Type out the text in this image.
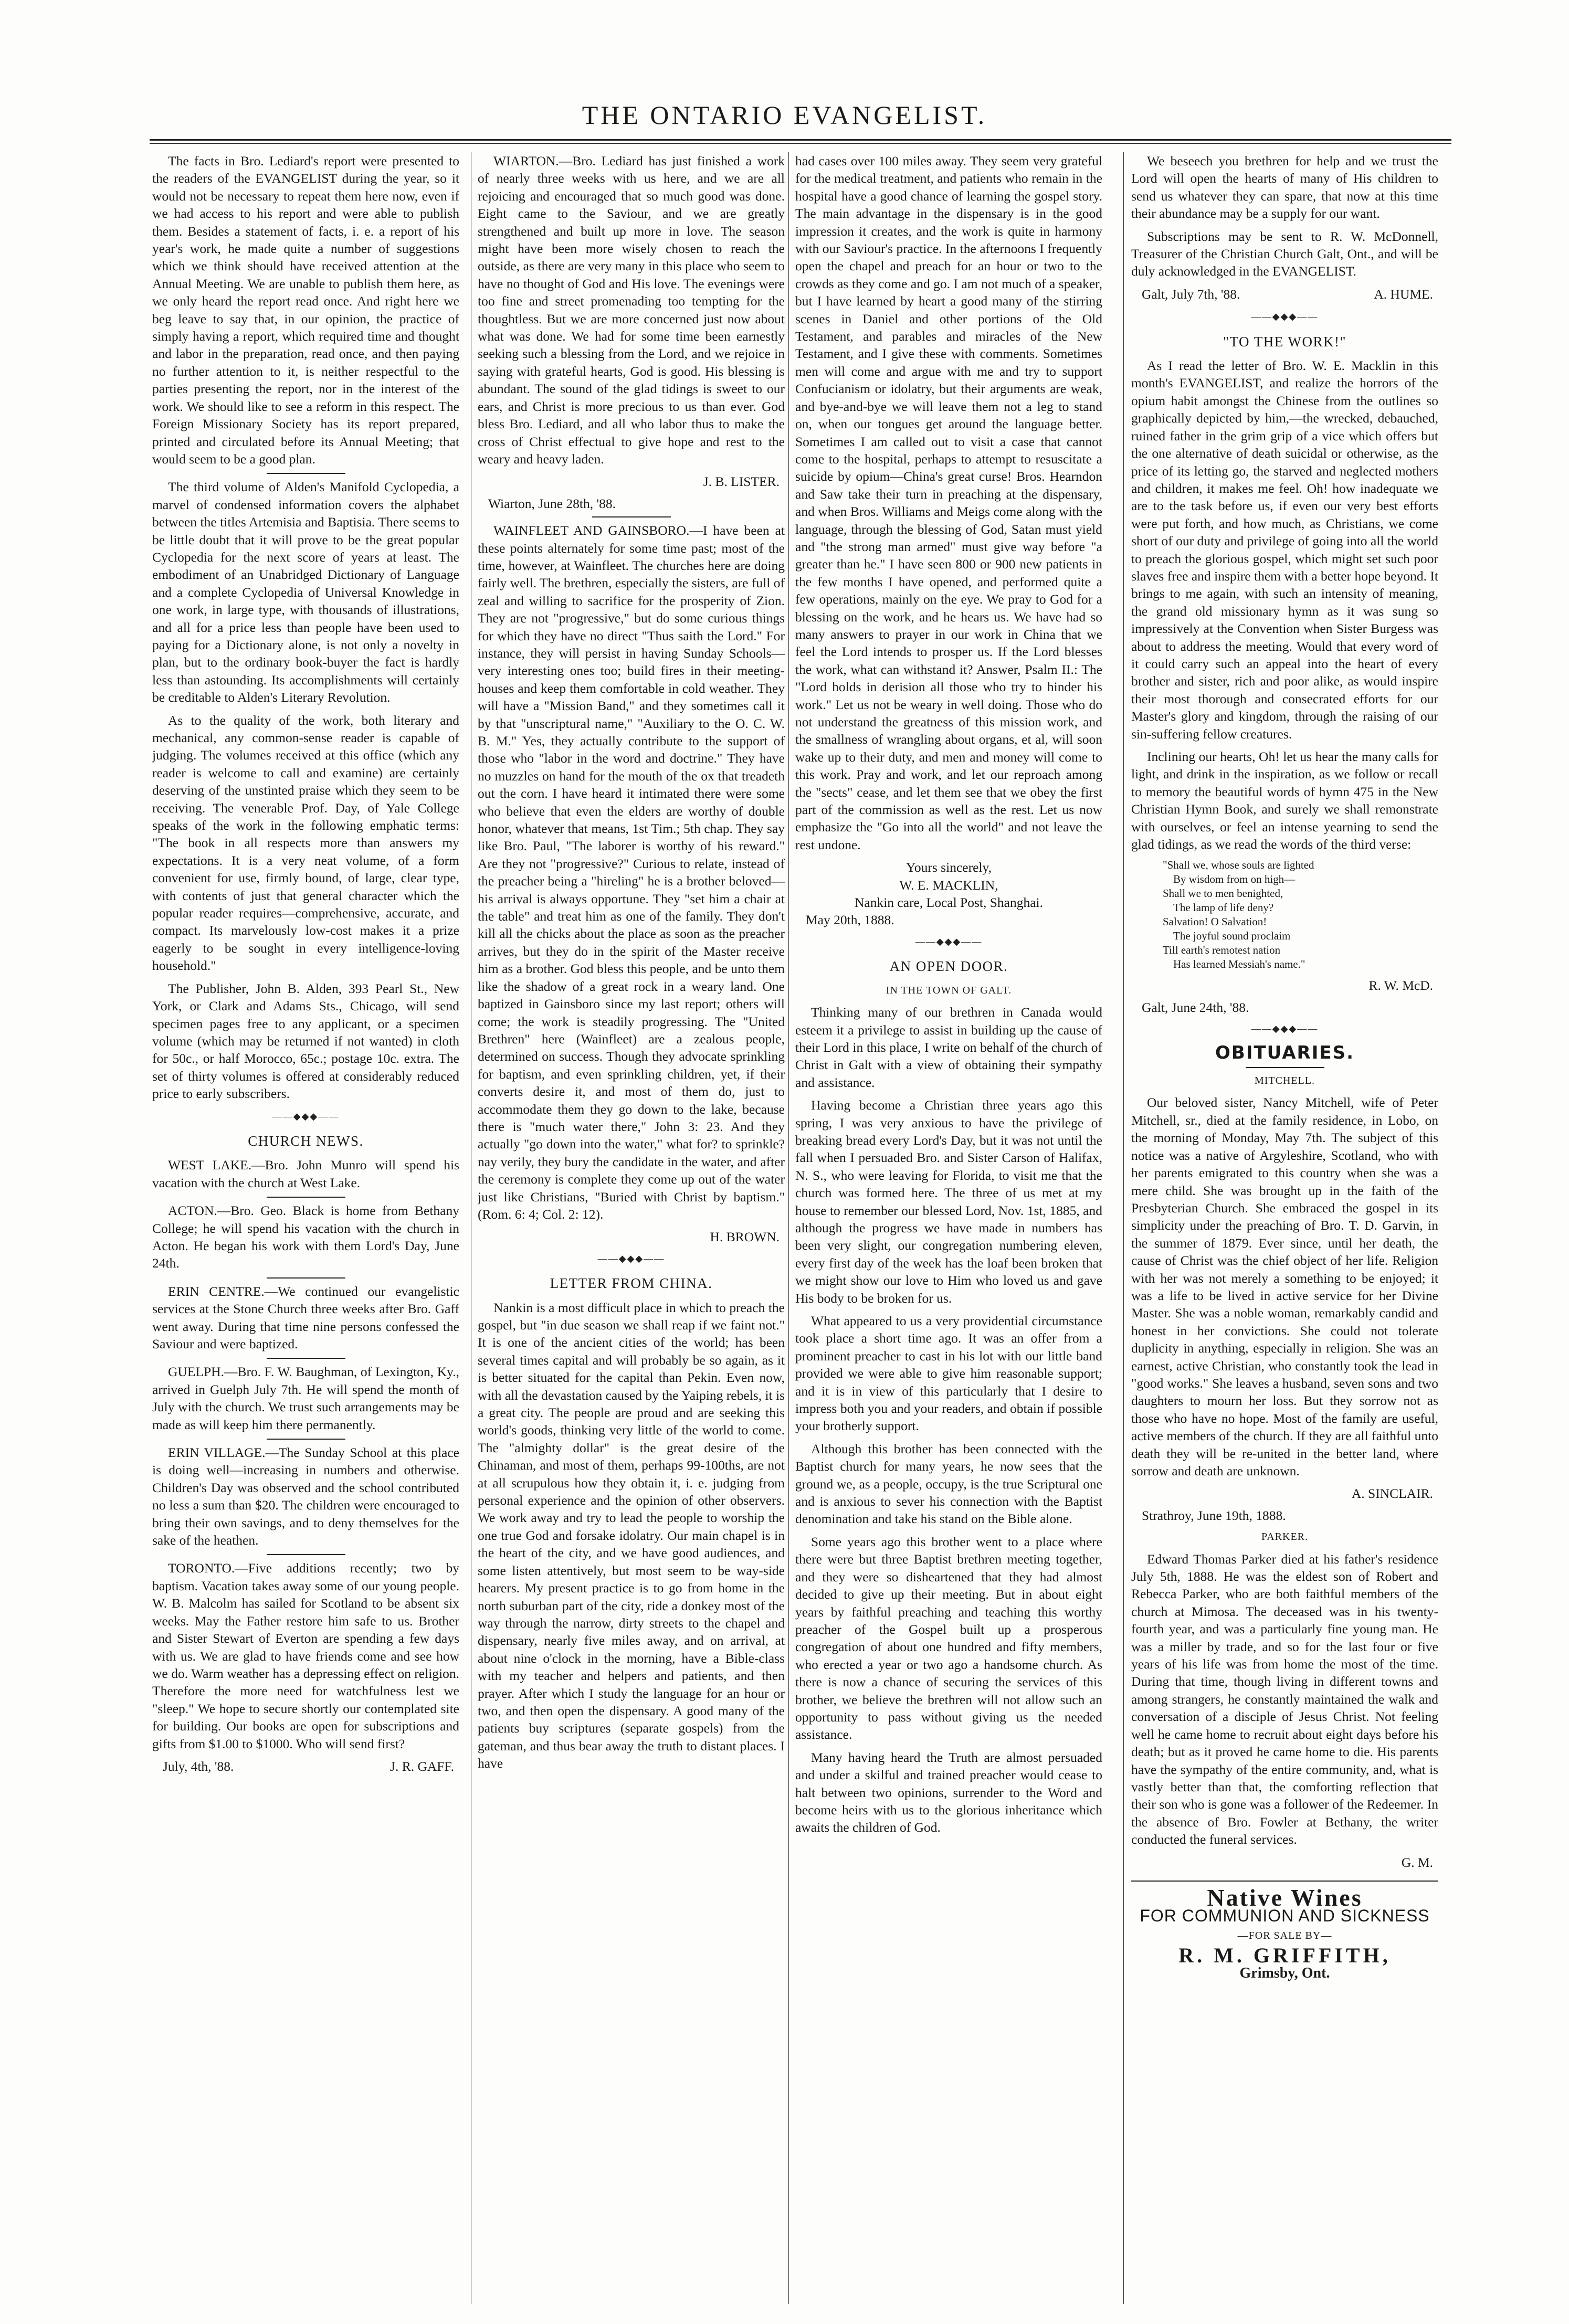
THE ONTARIO EVANGELIST.

The facts in Bro. Lediard's report were presented to the readers of the EVANGELIST during the year, so it would not be necessary to repeat them here now, even if we had access to his report and were able to publish them. Besides a statement of facts, i. e. a report of his year's work, he made quite a number of suggestions which we think should have received attention at the Annual Meeting. We are unable to publish them here, as we only heard the report read once. And right here we beg leave to say that, in our opinion, the practice of simply having a report, which required time and thought and labor in the preparation, read once, and then paying no further attention to it, is neither respectful to the parties presenting the report, nor in the interest of the work. We should like to see a reform in this respect. The Foreign Missionary Society has its report prepared, printed and circulated before its Annual Meeting; that would seem to be a good plan.

The third volume of Alden's Manifold Cyclopedia, a marvel of condensed information covers the alphabet between the titles Artemisia and Baptisia. There seems to be little doubt that it will prove to be the great popular Cyclopedia for the next score of years at least. The embodiment of an Unabridged Dictionary of Language and a complete Cyclopedia of Universal Knowledge in one work, in large type, with thousands of illustrations, and all for a price less than people have been used to paying for a Dictionary alone, is not only a novelty in plan, but to the ordinary book-buyer the fact is hardly less than astounding. Its accomplishments will certainly be creditable to Alden's Literary Revolution.

As to the quality of the work, both literary and mechanical, any common-sense reader is capable of judging. The volumes received at this office (which any reader is welcome to call and examine) are certainly deserving of the unstinted praise which they seem to be receiving. The venerable Prof. Day, of Yale College speaks of the work in the following emphatic terms: "The book in all respects more than answers my expectations. It is a very neat volume, of a form convenient for use, firmly bound, of large, clear type, with contents of just that general character which the popular reader requires—comprehensive, accurate, and compact. Its marvelously low-cost makes it a prize eagerly to be sought in every intelligence-loving household."

The Publisher, John B. Alden, 393 Pearl St., New York, or Clark and Adams Sts., Chicago, will send specimen pages free to any applicant, or a specimen volume (which may be returned if not wanted) in cloth for 50c., or half Morocco, 65c.; postage 10c. extra. The set of thirty volumes is offered at considerably reduced price to early subscribers.

——◆◆◆——
CHURCH NEWS.

WEST LAKE.—Bro. John Munro will spend his vacation with the church at West Lake.

ACTON.—Bro. Geo. Black is home from Bethany College; he will spend his vacation with the church in Acton. He began his work with them Lord's Day, June 24th.

ERIN CENTRE.—We continued our evangelistic services at the Stone Church three weeks after Bro. Gaff went away. During that time nine persons confessed the Saviour and were baptized.

GUELPH.—Bro. F. W. Baughman, of Lexington, Ky., arrived in Guelph July 7th. He will spend the month of July with the church. We trust such arrangements may be made as will keep him there permanently.

ERIN VILLAGE.—The Sunday School at this place is doing well—increasing in numbers and otherwise. Children's Day was observed and the school contributed no less a sum than $20. The children were encouraged to bring their own savings, and to deny themselves for the sake of the heathen.

TORONTO.—Five additions recently; two by baptism. Vacation takes away some of our young people. W. B. Malcolm has sailed for Scotland to be absent six weeks. May the Father restore him safe to us. Brother and Sister Stewart of Everton are spending a few days with us. We are glad to have friends come and see how we do. Warm weather has a depressing effect on religion. Therefore the more need for watchfulness lest we "sleep." We hope to secure shortly our contemplated site for building. Our books are open for subscriptions and gifts from $1.00 to $1000. Who will send first?

July, 4th, '88.	J. R. GAFF.

WIARTON.—Bro. Lediard has just finished a work of nearly three weeks with us here, and we are all rejoicing and encouraged that so much good was done. Eight came to the Saviour, and we are greatly strengthened and built up more in love. The season might have been more wisely chosen to reach the outside, as there are very many in this place who seem to have no thought of God and His love. The evenings were too fine and street promenading too tempting for the thoughtless. But we are more concerned just now about what was done. We had for some time been earnestly seeking such a blessing from the Lord, and we rejoice in saying with grateful hearts, God is good. His blessing is abundant. The sound of the glad tidings is sweet to our ears, and Christ is more precious to us than ever. God bless Bro. Lediard, and all who labor thus to make the cross of Christ effectual to give hope and rest to the weary and heavy laden.

J. B. LISTER.
Wiarton, June 28th, '88.

WAINFLEET AND GAINSBORO.—I have been at these points alternately for some time past; most of the time, however, at Wainfleet. The churches here are doing fairly well. The brethren, especially the sisters, are full of zeal and willing to sacrifice for the prosperity of Zion. They are not "progressive," but do some curious things for which they have no direct "Thus saith the Lord." For instance, they will persist in having Sunday Schools—very interesting ones too; build fires in their meeting-houses and keep them comfortable in cold weather. They will have a "Mission Band," and they sometimes call it by that "unscriptural name," "Auxiliary to the O. C. W. B. M." Yes, they actually contribute to the support of those who "labor in the word and doctrine." They have no muzzles on hand for the mouth of the ox that treadeth out the corn. I have heard it intimated there were some who believe that even the elders are worthy of double honor, whatever that means, 1st Tim.; 5th chap. They say like Bro. Paul, "The laborer is worthy of his reward." Are they not "progressive?" Curious to relate, instead of the preacher being a "hireling" he is a brother beloved—his arrival is always opportune. They "set him a chair at the table" and treat him as one of the family. They don't kill all the chicks about the place as soon as the preacher arrives, but they do in the spirit of the Master receive him as a brother. God bless this people, and be unto them like the shadow of a great rock in a weary land. One baptized in Gainsboro since my last report; others will come; the work is steadily progressing. The "United Brethren" here (Wainfleet) are a zealous people, determined on success. Though they advocate sprinkling for baptism, and even sprinkling children, yet, if their converts desire it, and most of them do, just to accommodate them they go down to the lake, because there is "much water there," John 3: 23. And they actually "go down into the water," what for? to sprinkle? nay verily, they bury the candidate in the water, and after the ceremony is complete they come up out of the water just like Christians, "Buried with Christ by baptism." (Rom. 6: 4; Col. 2: 12).

H. BROWN.
——◆◆◆——
LETTER FROM CHINA.

Nankin is a most difficult place in which to preach the gospel, but "in due season we shall reap if we faint not." It is one of the ancient cities of the world; has been several times capital and will probably be so again, as it is better situated for the capital than Pekin. Even now, with all the devastation caused by the Yaiping rebels, it is a great city. The people are proud and are seeking this world's goods, thinking very little of the world to come. The "almighty dollar" is the great desire of the Chinaman, and most of them, perhaps 99-100ths, are not at all scrupulous how they obtain it, i. e. judging from personal experience and the opinion of other observers. We work away and try to lead the people to worship the one true God and forsake idolatry. Our main chapel is in the heart of the city, and we have good audiences, and some listen attentively, but most seem to be way-side hearers. My present practice is to go from home in the north suburban part of the city, ride a donkey most of the way through the narrow, dirty streets to the chapel and dispensary, nearly five miles away, and on arrival, at about nine o'clock in the morning, have a Bible-class with my teacher and helpers and patients, and then prayer. After which I study the language for an hour or two, and then open the dispensary. A good many of the patients buy scriptures (separate gospels) from the gateman, and thus bear away the truth to distant places. I have

had cases over 100 miles away. They seem very grateful for the medical treatment, and patients who remain in the hospital have a good chance of learning the gospel story. The main advantage in the dispensary is in the good impression it creates, and the work is quite in harmony with our Saviour's practice. In the afternoons I frequently open the chapel and preach for an hour or two to the crowds as they come and go. I am not much of a speaker, but I have learned by heart a good many of the stirring scenes in Daniel and other portions of the Old Testament, and parables and miracles of the New Testament, and I give these with comments. Sometimes men will come and argue with me and try to support Confucianism or idolatry, but their arguments are weak, and bye-and-bye we will leave them not a leg to stand on, when our tongues get around the language better. Sometimes I am called out to visit a case that cannot come to the hospital, perhaps to attempt to resuscitate a suicide by opium—China's great curse! Bros. Hearndon and Saw take their turn in preaching at the dispensary, and when Bros. Williams and Meigs come along with the language, through the blessing of God, Satan must yield and "the strong man armed" must give way before "a greater than he." I have seen 800 or 900 new patients in the few months I have opened, and performed quite a few operations, mainly on the eye. We pray to God for a blessing on the work, and he hears us. We have had so many answers to prayer in our work in China that we feel the Lord intends to prosper us. If the Lord blesses the work, what can withstand it? Answer, Psalm II.: The "Lord holds in derision all those who try to hinder his work." Let us not be weary in well doing. Those who do not understand the greatness of this mission work, and the smallness of wrangling about organs, et al, will soon wake up to their duty, and men and money will come to this work. Pray and work, and let our reproach among the "sects" cease, and let them see that we obey the first part of the commission as well as the rest. Let us now emphasize the "Go into all the world" and not leave the rest undone.

Yours sincerely,
W. E. MACKLIN,
Nankin care, Local Post, Shanghai.
May 20th, 1888.
——◆◆◆——
AN OPEN DOOR.
IN THE TOWN OF GALT.

Thinking many of our brethren in Canada would esteem it a privilege to assist in building up the cause of their Lord in this place, I write on behalf of the church of Christ in Galt with a view of obtaining their sympathy and assistance.

Having become a Christian three years ago this spring, I was very anxious to have the privilege of breaking bread every Lord's Day, but it was not until the fall when I persuaded Bro. and Sister Carson of Halifax, N. S., who were leaving for Florida, to visit me that the church was formed here. The three of us met at my house to remember our blessed Lord, Nov. 1st, 1885, and although the progress we have made in numbers has been very slight, our congregation numbering eleven, every first day of the week has the loaf been broken that we might show our love to Him who loved us and gave His body to be broken for us.

What appeared to us a very providential circumstance took place a short time ago. It was an offer from a prominent preacher to cast in his lot with our little band provided we were able to give him reasonable support; and it is in view of this particularly that I desire to impress both you and your readers, and obtain if possible your brotherly support.

Although this brother has been connected with the Baptist church for many years, he now sees that the ground we, as a people, occupy, is the true Scriptural one and is anxious to sever his connection with the Baptist denomination and take his stand on the Bible alone.

Some years ago this brother went to a place where there were but three Baptist brethren meeting together, and they were so disheartened that they had almost decided to give up their meeting. But in about eight years by faithful preaching and teaching this worthy preacher of the Gospel built up a prosperous congregation of about one hundred and fifty members, who erected a year or two ago a handsome church. As there is now a chance of securing the services of this brother, we believe the brethren will not allow such an opportunity to pass without giving us the needed assistance.

Many having heard the Truth are almost persuaded and under a skilful and trained preacher would cease to halt between two opinions, surrender to the Word and become heirs with us to the glorious inheritance which awaits the children of God.

We beseech you brethren for help and we trust the Lord will open the hearts of many of His children to send us whatever they can spare, that now at this time their abundance may be a supply for our want.

Subscriptions may be sent to R. W. McDonnell, Treasurer of the Christian Church Galt, Ont., and will be duly acknowledged in the EVANGELIST.

Galt, July 7th, '88.	A. HUME.
——◆◆◆——
"TO THE WORK!"

As I read the letter of Bro. W. E. Macklin in this month's EVANGELIST, and realize the horrors of the opium habit amongst the Chinese from the outlines so graphically depicted by him,—the wrecked, debauched, ruined father in the grim grip of a vice which offers but the one alternative of death suicidal or otherwise, as the price of its letting go, the starved and neglected mothers and children, it makes me feel. Oh! how inadequate we are to the task before us, if even our very best efforts were put forth, and how much, as Christians, we come short of our duty and privilege of going into all the world to preach the glorious gospel, which might set such poor slaves free and inspire them with a better hope beyond. It brings to me again, with such an intensity of meaning, the grand old missionary hymn as it was sung so impressively at the Convention when Sister Burgess was about to address the meeting. Would that every word of it could carry such an appeal into the heart of every brother and sister, rich and poor alike, as would inspire their most thorough and consecrated efforts for our Master's glory and kingdom, through the raising of our sin-suffering fellow creatures.

Inclining our hearts, Oh! let us hear the many calls for light, and drink in the inspiration, as we follow or recall to memory the beautiful words of hymn 475 in the New Christian Hymn Book, and surely we shall remonstrate with ourselves, or feel an intense yearning to send the glad tidings, as we read the words of the third verse:

"Shall we, whose souls are lighted
By wisdom from on high—
Shall we to men benighted,
The lamp of life deny?
Salvation! O Salvation!
The joyful sound proclaim
Till earth's remotest nation
Has learned Messiah's name."
R. W. McD.
Galt, June 24th, '88.
——◆◆◆——
OBITUARIES.
MITCHELL.

Our beloved sister, Nancy Mitchell, wife of Peter Mitchell, sr., died at the family residence, in Lobo, on the morning of Monday, May 7th. The subject of this notice was a native of Argyleshire, Scotland, who with her parents emigrated to this country when she was a mere child. She was brought up in the faith of the Presbyterian Church. She embraced the gospel in its simplicity under the preaching of Bro. T. D. Garvin, in the summer of 1879. Ever since, until her death, the cause of Christ was the chief object of her life. Religion with her was not merely a something to be enjoyed; it was a life to be lived in active service for her Divine Master. She was a noble woman, remarkably candid and honest in her convictions. She could not tolerate duplicity in anything, especially in religion. She was an earnest, active Christian, who constantly took the lead in "good works." She leaves a husband, seven sons and two daughters to mourn her loss. But they sorrow not as those who have no hope. Most of the family are useful, active members of the church. If they are all faithful unto death they will be re-united in the better land, where sorrow and death are unknown.

A. SINCLAIR.
Strathroy, June 19th, 1888.
PARKER.

Edward Thomas Parker died at his father's residence July 5th, 1888. He was the eldest son of Robert and Rebecca Parker, who are both faithful members of the church at Mimosa. The deceased was in his twenty-fourth year, and was a particularly fine young man. He was a miller by trade, and so for the last four or five years of his life was from home the most of the time. During that time, though living in different towns and among strangers, he constantly maintained the walk and conversation of a disciple of Jesus Christ. Not feeling well he came home to recruit about eight days before his death; but as it proved he came home to die. His parents have the sympathy of the entire community, and, what is vastly better than that, the comforting reflection that their son who is gone was a follower of the Redeemer. In the absence of Bro. Fowler at Bethany, the writer conducted the funeral services.

G. M.
Native Wines
FOR COMMUNION AND SICKNESS
—FOR SALE BY—
R. M. GRIFFITH,
Grimsby, Ont.
